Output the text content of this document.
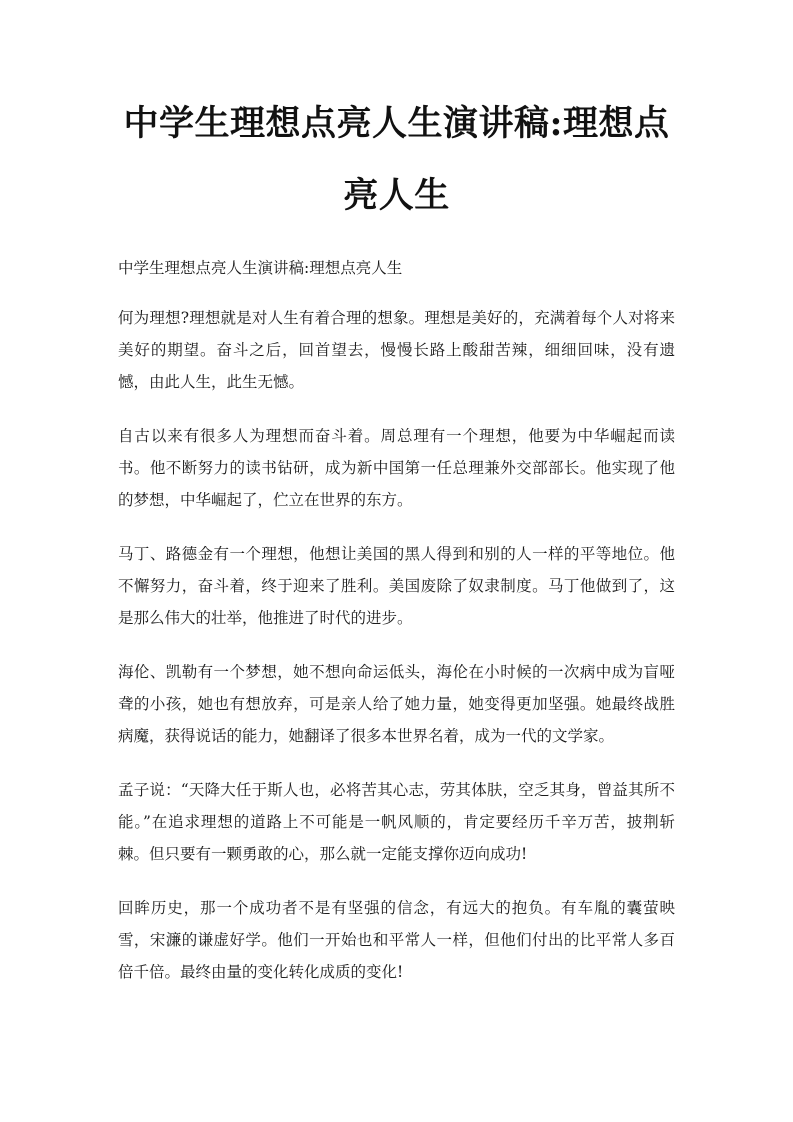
中学生理想点亮人生演讲稿:理想点亮人生

中学生理想点亮人生演讲稿:理想点亮人生

何为理想?理想就是对人生有着合理的想象。理想是美好的，充满着每个人对将来美好的期望。奋斗之后，回首望去，慢慢长路上酸甜苦辣，细细回味，没有遗憾，由此人生，此生无憾。

自古以来有很多人为理想而奋斗着。周总理有一个理想，他要为中华崛起而读书。他不断努力的读书钻研，成为新中国第一任总理兼外交部部长。他实现了他的梦想，中华崛起了，伫立在世界的东方。

马丁、路德金有一个理想，他想让美国的黑人得到和别的人一样的平等地位。他不懈努力，奋斗着，终于迎来了胜利。美国废除了奴隶制度。马丁他做到了，这是那么伟大的壮举，他推进了时代的进步。

海伦、凯勒有一个梦想，她不想向命运低头，海伦在小时候的一次病中成为盲哑聋的小孩，她也有想放弃，可是亲人给了她力量，她变得更加坚强。她最终战胜病魔，获得说话的能力，她翻译了很多本世界名着，成为一代的文学家。

孟子说：“天降大任于斯人也，必将苦其心志，劳其体肤，空乏其身，曾益其所不能。”在追求理想的道路上不可能是一帆风顺的，肯定要经历千辛万苦，披荆斩棘。但只要有一颗勇敢的心，那么就一定能支撑你迈向成功!

回眸历史，那一个成功者不是有坚强的信念，有远大的抱负。有车胤的囊萤映雪，宋濂的谦虚好学。他们一开始也和平常人一样，但他们付出的比平常人多百倍千倍。最终由量的变化转化成质的变化!
